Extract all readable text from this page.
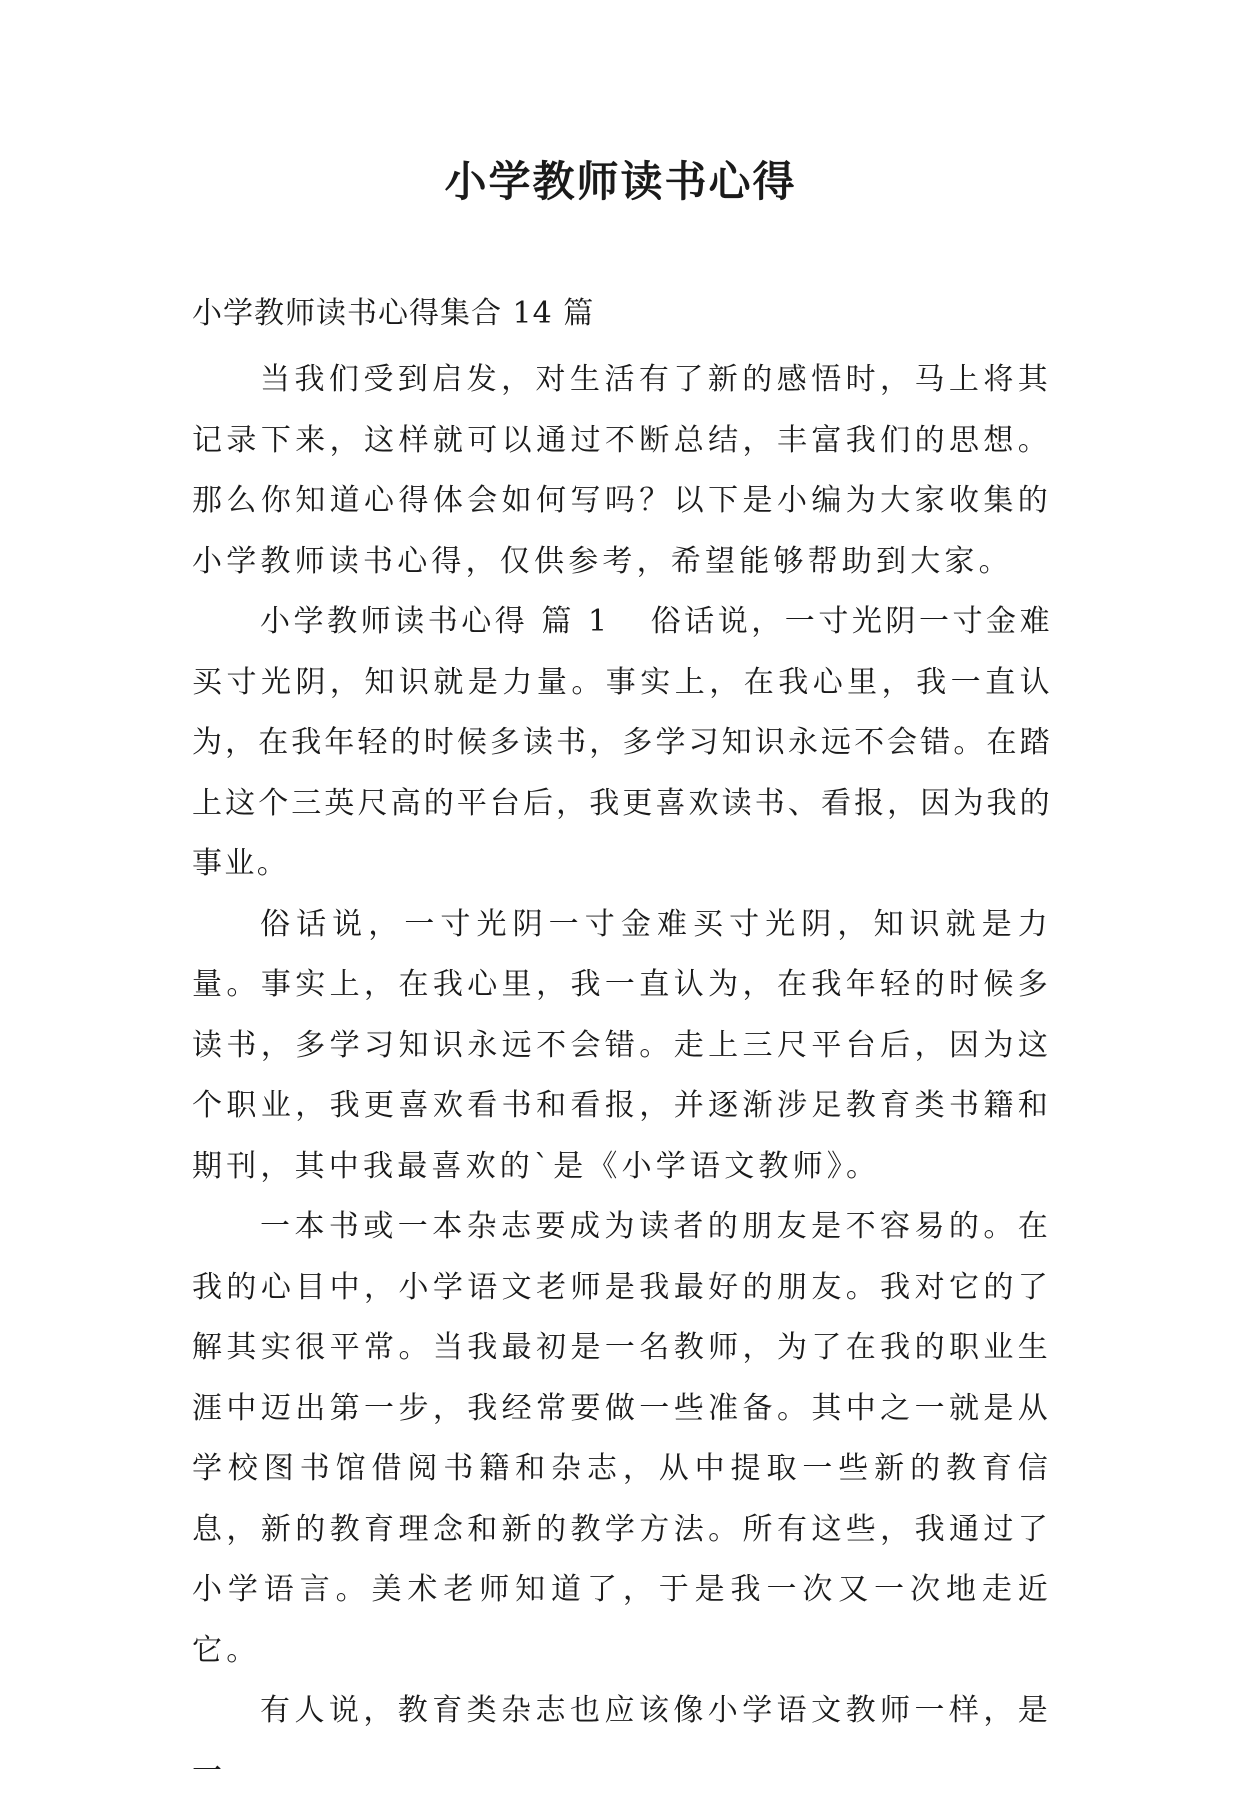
小学教师读书心得

小学教师读书心得集合 14 篇

当我们受到启发，对生活有了新的感悟时，马上将其记录下来，这样就可以通过不断总结，丰富我们的思想。那么你知道心得体会如何写吗？以下是小编为大家收集的小学教师读书心得，仅供参考，希望能够帮助到大家。

小学教师读书心得 篇 1 俗话说，一寸光阴一寸金难买寸光阴，知识就是力量。事实上，在我心里，我一直认为，在我年轻的时候多读书，多学习知识永远不会错。在踏上这个三英尺高的平台后，我更喜欢读书、看报，因为我的事业。

俗话说，一寸光阴一寸金难买寸光阴，知识就是力量。事实上，在我心里，我一直认为，在我年轻的时候多读书，多学习知识永远不会错。走上三尺平台后，因为这个职业，我更喜欢看书和看报，并逐渐涉足教育类书籍和期刊，其中我最喜欢的`是《小学语文教师》。

一本书或一本杂志要成为读者的朋友是不容易的。在我的心目中，小学语文老师是我最好的朋友。我对它的了解其实很平常。当我最初是一名教师，为了在我的职业生涯中迈出第一步，我经常要做一些准备。其中之一就是从学校图书馆借阅书籍和杂志，从中提取一些新的教育信息，新的教育理念和新的教学方法。所有这些，我通过了小学语言。美术老师知道了，于是我一次又一次地走近它。

有人说，教育类杂志也应该像小学语文教师一样，是一
